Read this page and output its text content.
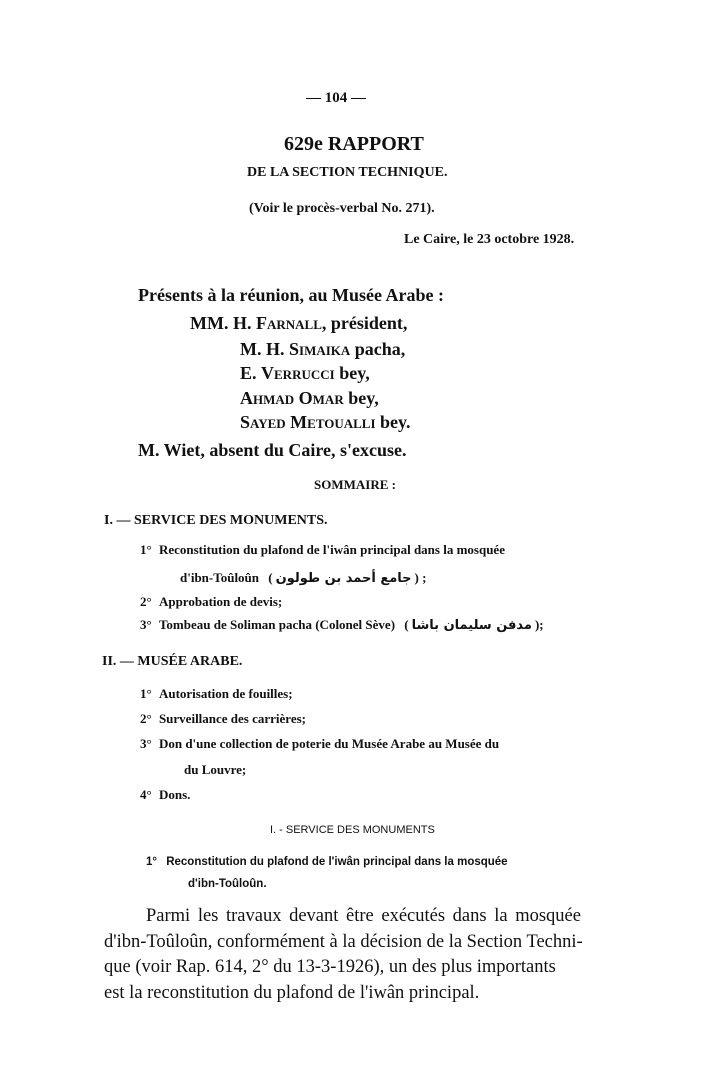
— 104 —
629e RAPPORT
DE LA SECTION TECHNIQUE.
(Voir le procès-verbal No. 271).
Le Caire, le 23 octobre 1928.
Présents à la réunion, au Musée Arabe :
MM. H. Farnall, président,
M. H. Simaika pacha,
E. Verrucci bey,
Ahmad Omar bey,
Sayed Metoualli bey.
M. Wiet, absent du Caire, s'excuse.
SOMMAIRE :
I. — SERVICE DES MONUMENTS.
1° Reconstitution du plafond de l'iwân principal dans la mosquée
d'ibn-Toûloûn ( جامع أحمد بن طولون ) ;
2° Approbation de devis;
3° Tombeau de Soliman pacha (Colonel Sève) ( مدفن سليمان باشا );
II. — MUSÉE ARABE.
1° Autorisation de fouilles;
2° Surveillance des carrières;
3° Don d'une collection de poterie du Musée Arabe au Musée du
du Louvre;
4° Dons.
I. - SERVICE DES MONUMENTS
1° Reconstitution du plafond de l'iwân principal dans la mosquée
d'ibn-Toûloûn.
Parmi les travaux devant être exécutés dans la mosquée
d'ibn-Toûloûn, conformément à la décision de la Section Techni-
que (voir Rap. 614, 2° du 13-3-1926), un des plus importants
est la reconstitution du plafond de l'iwân principal.
